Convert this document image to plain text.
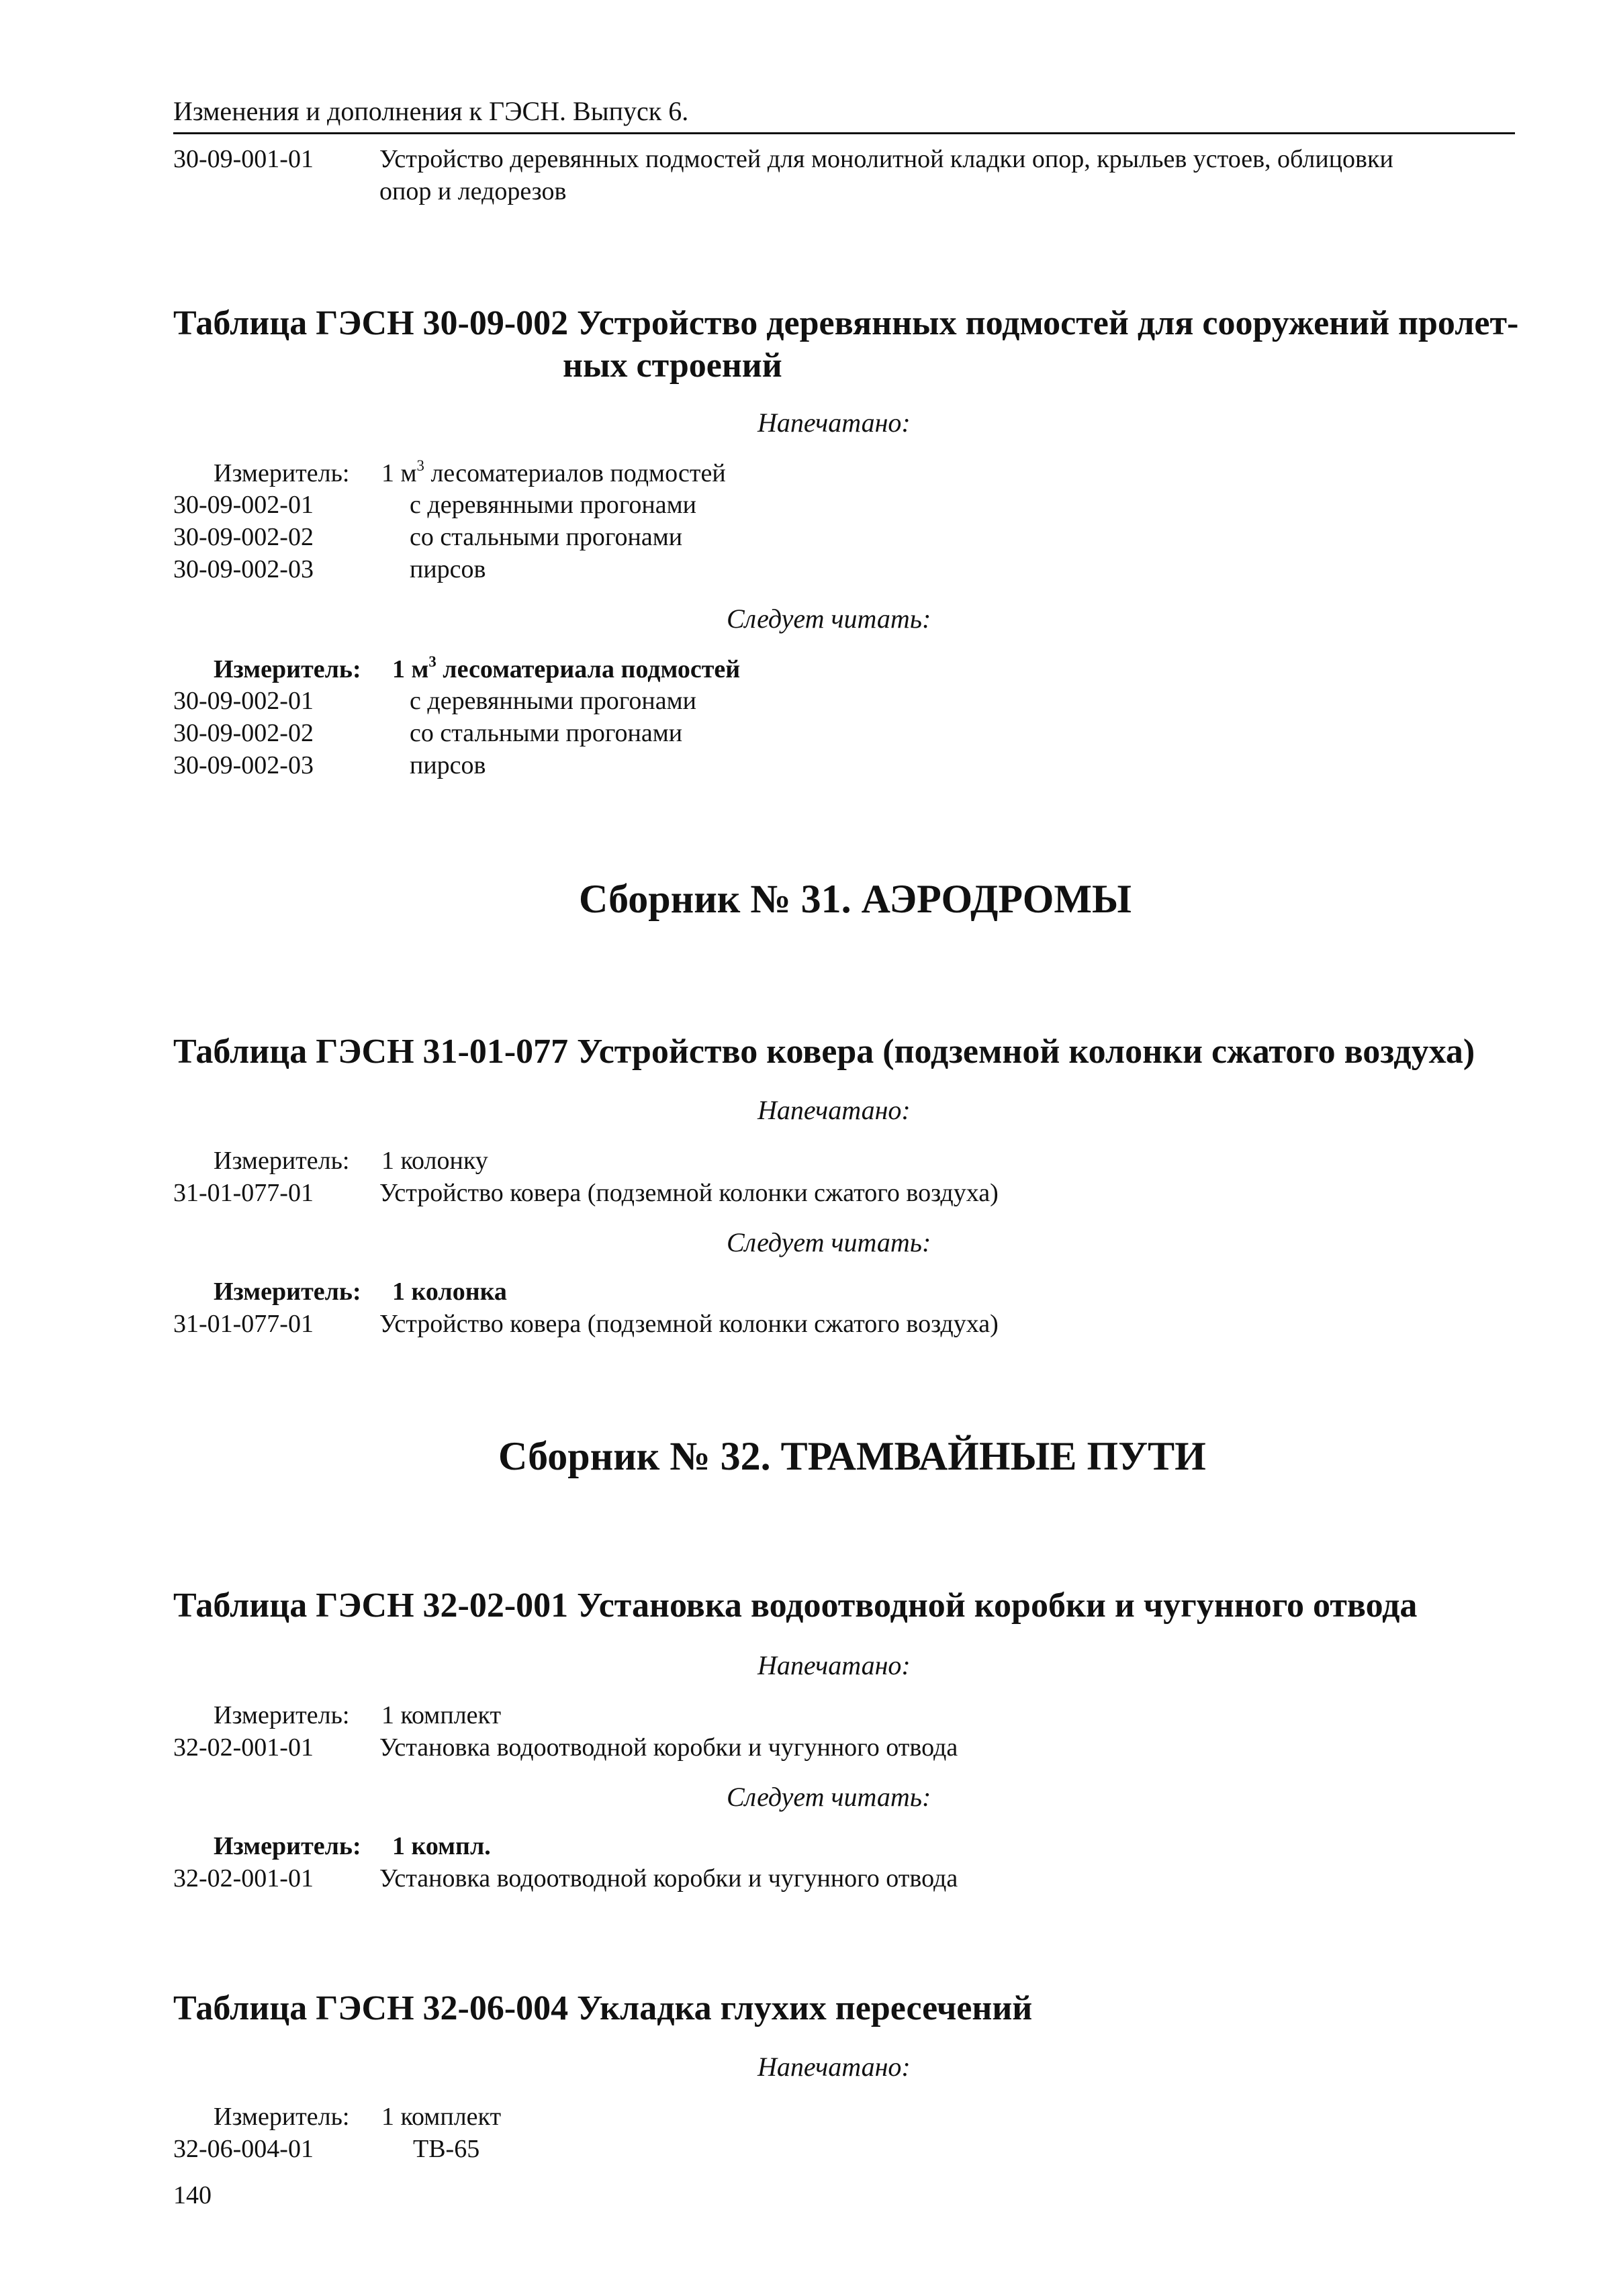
Изменения и дополнения к ГЭСН. Выпуск 6.
30-09-001-01	Устройство деревянных подмостей для монолитной кладки опор, крыльев устоев, облицовки
опор и ледорезов
Таблица ГЭСН 30-09-002 Устройство деревянных подмостей для сооружений пролет-
ных строений
Напечатано:
Измеритель: 1 $м^3$ лесоматериалов подмостей
30-09-002-01	с деревянными прогонами
30-09-002-02	со стальными прогонами
30-09-002-03	пирсов
Следует читать:
Измеритель: 1 $м^3$ лесоматериала подмостей
30-09-002-01	с деревянными прогонами
30-09-002-02	со стальными прогонами
30-09-002-03	пирсов
Сборник № 31. АЭРОДРОМЫ
Таблица ГЭСН 31-01-077 Устройство ковера (подземной колонки сжатого воздуха)
Напечатано:
Измеритель: 1 колонку
31-01-077-01	Устройство ковера (подземной колонки сжатого воздуха)
Следует читать:
Измеритель: 1 колонка
31-01-077-01	Устройство ковера (подземной колонки сжатого воздуха)
Сборник № 32. ТРАМВАЙНЫЕ ПУТИ
Таблица ГЭСН 32-02-001 Установка водоотводной коробки и чугунного отвода
Напечатано:
Измеритель: 1 комплект
32-02-001-01	Установка водоотводной коробки и чугунного отвода
Следует читать:
Измеритель: 1 компл.
32-02-001-01	Установка водоотводной коробки и чугунного отвода
Таблица ГЭСН 32-06-004 Укладка глухих пересечений
Напечатано:
Измеритель: 1 комплект
32-06-004-01	ТВ-65
140
